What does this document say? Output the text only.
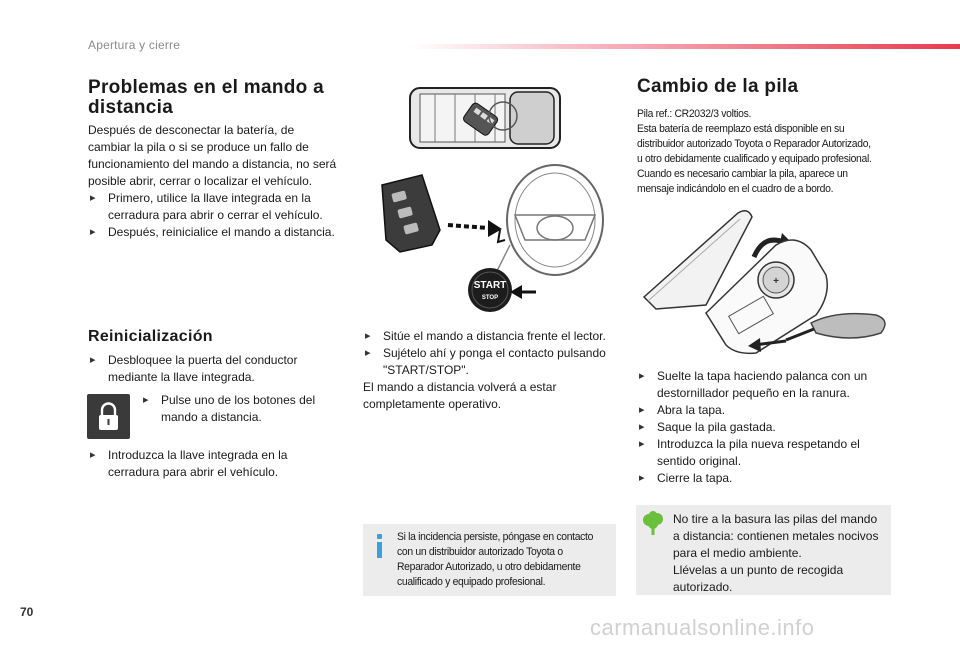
Apertura y cierre
Problemas en el mando a
distancia
Después de desconectar la batería, de
cambiar la pila o si se produce un fallo de
funcionamiento del mando a distancia, no será
posible abrir, cerrar o localizar el vehículo.
▸ Primero, utilice la llave integrada en la
cerradura para abrir o cerrar el vehículo.
▸ Después, reinicialice el mando a distancia.
Reinicialización
▸ Desbloquee la puerta del conductor
mediante la llave integrada.
▸ Pulse uno de los botones del
mando a distancia.
▸ Introduzca la llave integrada en la
cerradura para abrir el vehículo.
START
STOP
▸ Sitúe el mando a distancia frente el lector.
▸ Sujételo ahí y ponga el contacto pulsando
"START/STOP".
El mando a distancia volverá a estar
completamente operativo.
Si la incidencia persiste, póngase en contacto
con un distribuidor autorizado Toyota o
Reparador Autorizado, u otro debidamente
cualificado y equipado profesional.
Cambio de la pila
Pila ref.: CR2032/3 voltios.
Esta batería de reemplazo está disponible en su
distribuidor autorizado Toyota o Reparador Autorizado,
u otro debidamente cualificado y equipado profesional.
Cuando es necesario cambiar la pila, aparece un
mensaje indicándolo en el cuadro de a bordo.
+
▸ Suelte la tapa haciendo palanca con un
destornillador pequeño en la ranura.
▸ Abra la tapa.
▸ Saque la pila gastada.
▸ Introduzca la pila nueva respetando el
sentido original.
▸ Cierre la tapa.
No tire a la basura las pilas del mando
a distancia: contienen metales nocivos
para el medio ambiente.
Llévelas a un punto de recogida
autorizado.
70
carmanualsonline.info
